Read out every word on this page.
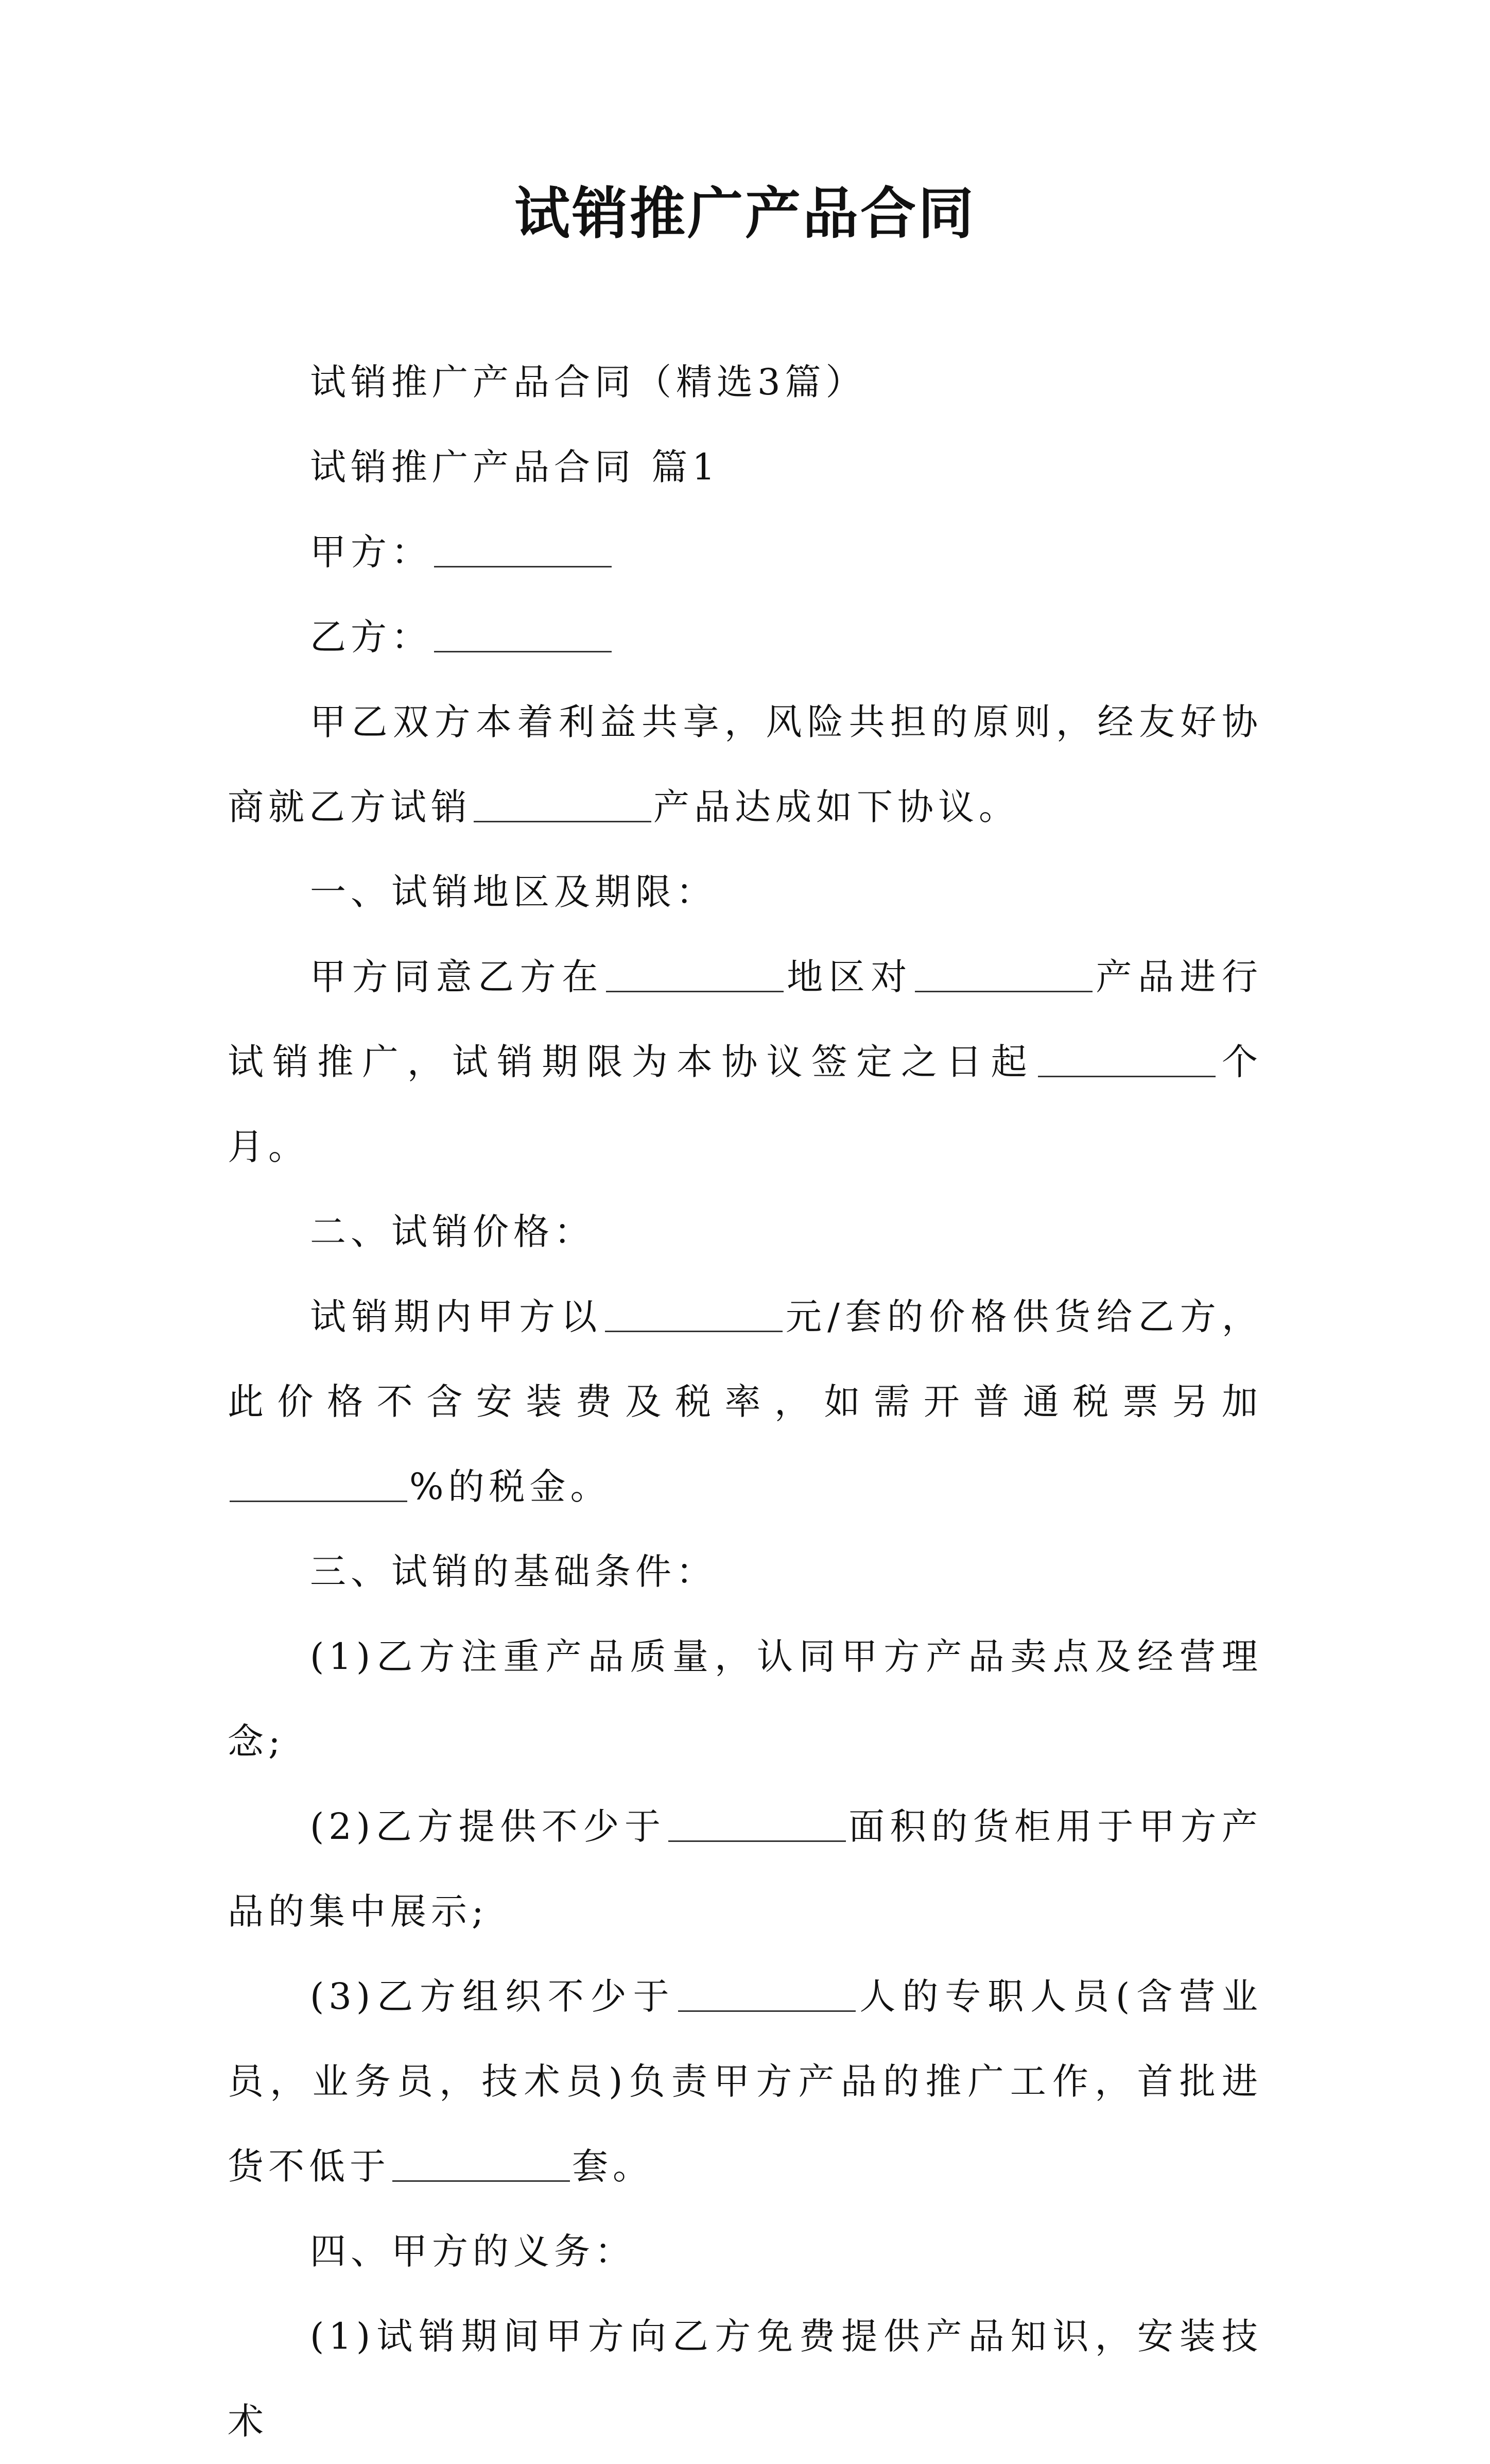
试销推广产品合同

试销推广产品合同（精选3篇）

试销推广产品合同 篇1

甲方：

乙方：

甲乙双方本着利益共享，风险共担的原则，经友好协商就乙方试销	产品达成如下协议。

一、试销地区及期限：

甲方同意乙方在	地区对	产品进行试销推广，试销期限为本协议签定之日起	个月。

二、试销价格：

试销期内甲方以	元/套的价格供货给乙方，此价格不含安装费及税率，如需开普通税票另加%的税金。

三、试销的基础条件：

(1)乙方注重产品质量，认同甲方产品卖点及经营理念;

(2)乙方提供不少于	面积的货柜用于甲方产品的集中展示;

(3)乙方组织不少于	人的专职人员(含营业员，业务员，技术员)负责甲方产品的推广工作，首批进货不低于	套。

四、甲方的义务：

(1)试销期间甲方向乙方免费提供产品知识，安装技术
